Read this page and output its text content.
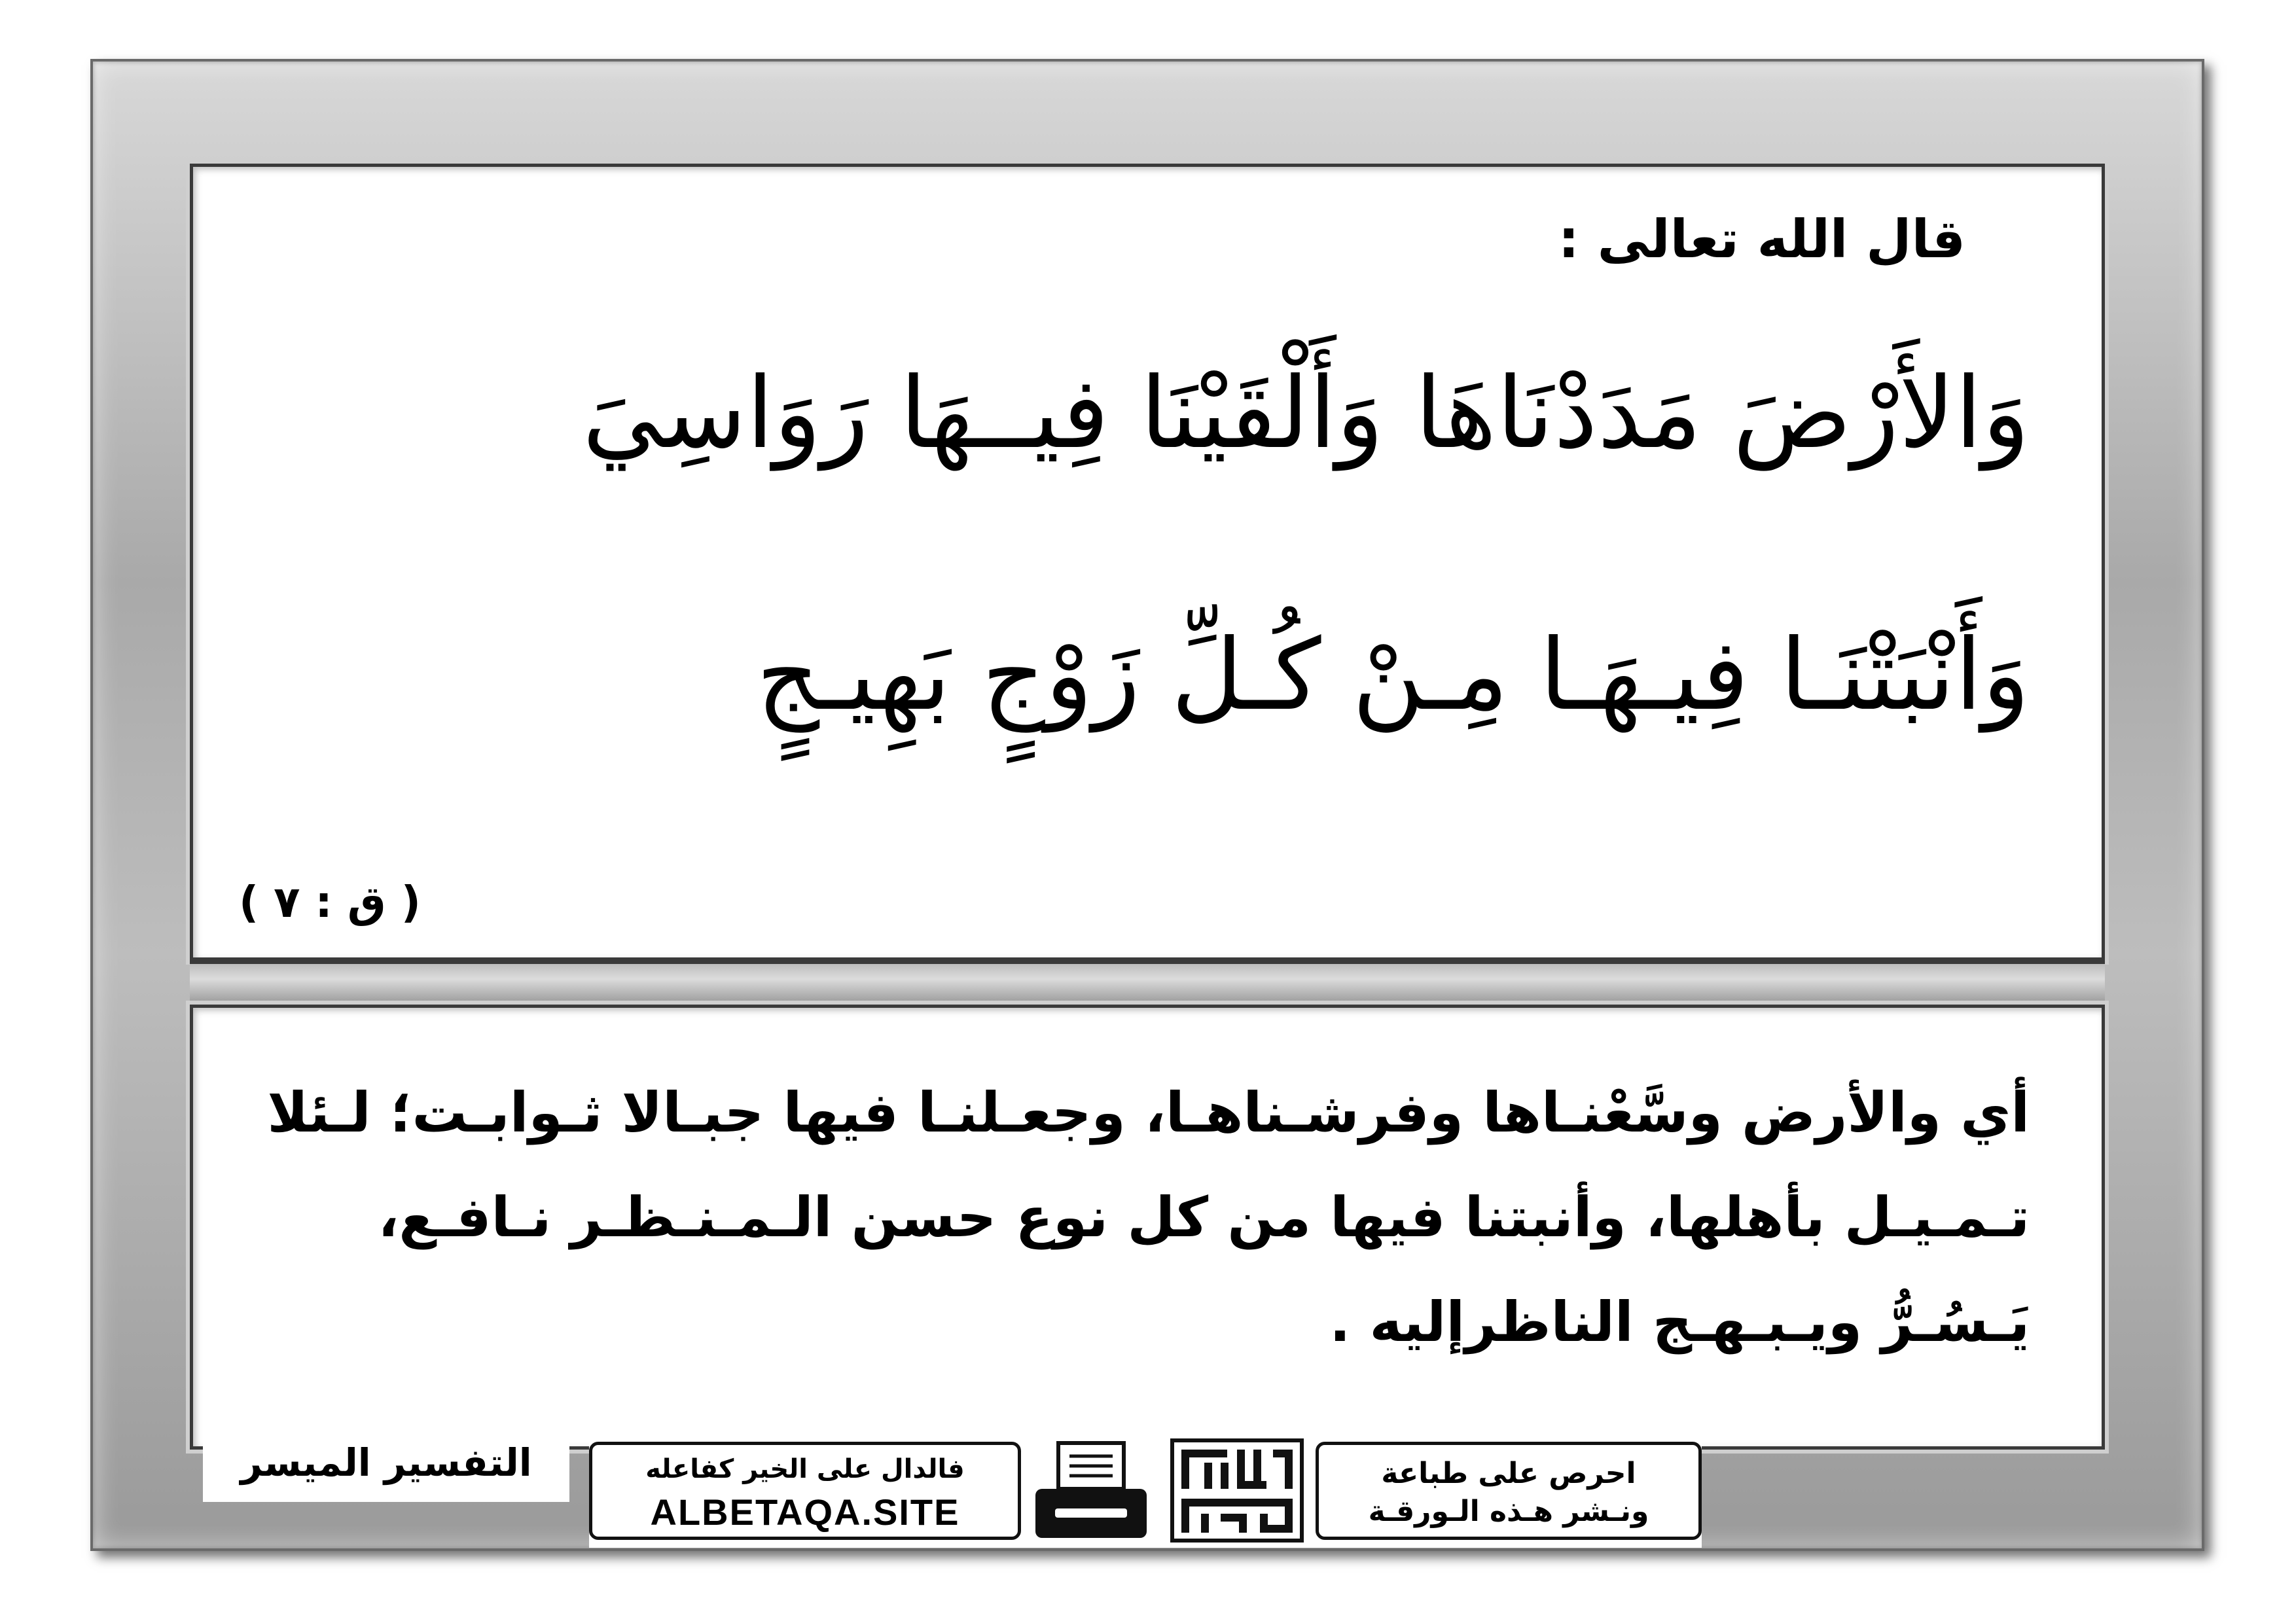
قال الله تعالى :
وَالأَرْضَ مَدَدْنَاهَا وَأَلْقَيْنَا فِيــهَا رَوَاسِيَ
وَأَنْبَتْنَـا فِيـهَـا مِـنْ كُـلِّ زَوْجٍ بَهِيـجٍ
( ق : ٧ )
أي والأرض وسَّعْنـاها وفرشـناهـا، وجعـلنـا فيها جبـالا ثـوابـت؛ لـئلا تـمـيـل بأهلها، وأنبتنا فيها من كل نوع حسن الـمـنـظـر نـافـع، يَـسُـرُّ ويـبـهـج الناظرإليه .
التفسير الميسر	فالدال على الخير كفاعله
ALBETAQA.SITE
احرص على طباعة
ونـشر هـذه الـورقـة
